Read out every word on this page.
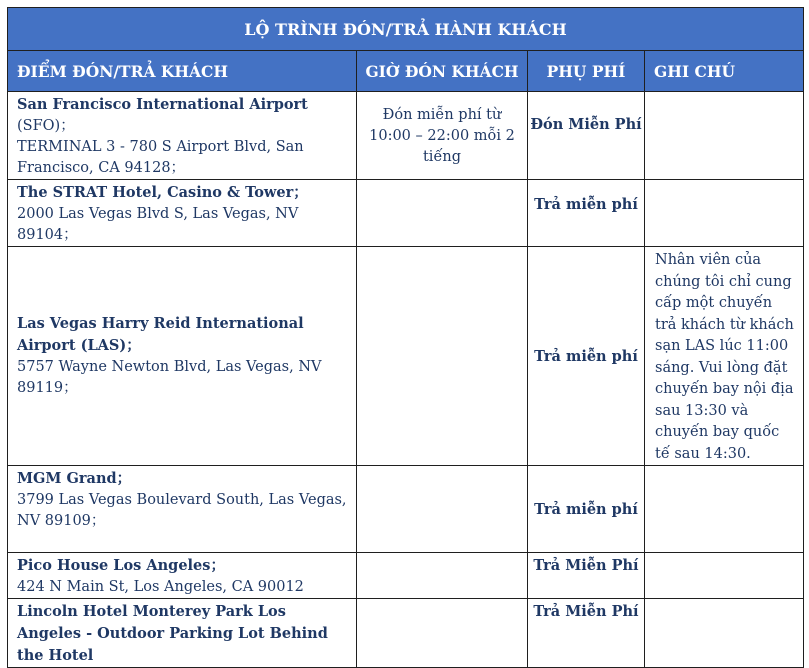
LỘ TRÌNH ĐÓN/TRẢ HÀNH KHÁCH			
ĐIỂM ĐÓN/TRẢ KHÁCH	GIỜ ĐÓN KHÁCH	PHỤ PHÍ	GHI CHÚ
San Francisco International Airport
(SFO)；
TERMINAL 3 - 780 S Airport Blvd, San Francisco, CA 94128；	Đón miễn phí từ 10:00 – 22:00 mỗi 2 tiếng	Đón Miễn Phí	
The STRAT Hotel, Casino & Tower； 2000 Las Vegas Blvd S, Las Vegas, NV 89104；		Trả miễn phí	
Las Vegas Harry Reid International Airport (LAS)；
5757 Wayne Newton Blvd, Las Vegas, NV 89119；		Trả miễn phí	Nhân viên của chúng tôi chỉ cung cấp một chuyến trả khách từ khách sạn LAS lúc 11:00 sáng. Vui lòng đặt chuyến bay nội địa sau 13:30 và chuyến bay quốc tế sau 14:30.
MGM Grand；
3799 Las Vegas Boulevard South, Las Vegas, NV 89109；		Trả miễn phí	
Pico House Los Angeles；
424 N Main St, Los Angeles, CA 90012		Trả Miễn Phí	
Lincoln Hotel Monterey Park Los Angeles - Outdoor Parking Lot Behind the Hotel		Trả Miễn Phí	
